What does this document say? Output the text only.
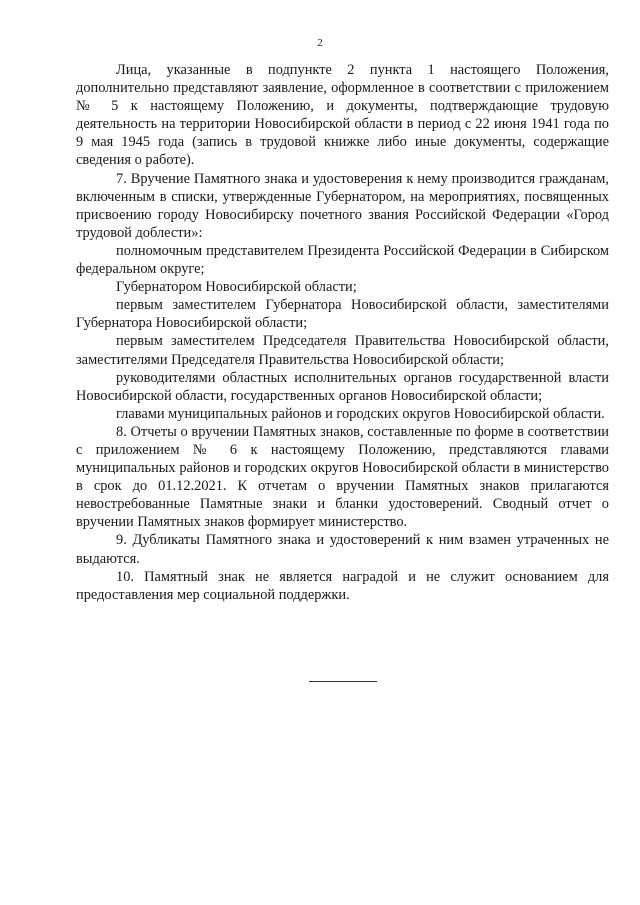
2

Лица, указанные в подпункте 2 пункта 1 настоящего Положения, дополнительно представляют заявление, оформленное в соответствии с приложением № 5 к настоящему Положению, и документы, подтверждающие трудовую деятельность на территории Новосибирской области в период с 22 июня 1941 года по 9 мая 1945 года (запись в трудовой книжке либо иные документы, содержащие сведения о работе).

7. Вручение Памятного знака и удостоверения к нему производится гражданам, включенным в списки, утвержденные Губернатором, на мероприятиях, посвященных присвоению городу Новосибирску почетного звания Российской Федерации «Город трудовой доблести»:

полномочным представителем Президента Российской Федерации в Сибирском федеральном округе;

Губернатором Новосибирской области;

первым заместителем Губернатора Новосибирской области, заместителями Губернатора Новосибирской области;

первым заместителем Председателя Правительства Новосибирской области, заместителями Председателя Правительства Новосибирской области;

руководителями областных исполнительных органов государственной власти Новосибирской области, государственных органов Новосибирской области;

главами муниципальных районов и городских округов Новосибирской области.

8. Отчеты о вручении Памятных знаков, составленные по форме в соответствии с приложением № 6 к настоящему Положению, представляются главами муниципальных районов и городских округов Новосибирской области в министерство в срок до 01.12.2021. К отчетам о вручении Памятных знаков прилагаются невостребованные Памятные знаки и бланки удостоверений. Сводный отчет о вручении Памятных знаков формирует министерство.

9. Дубликаты Памятного знака и удостоверений к ним взамен утраченных не выдаются.

10. Памятный знак не является наградой и не служит основанием для предоставления мер социальной поддержки.
